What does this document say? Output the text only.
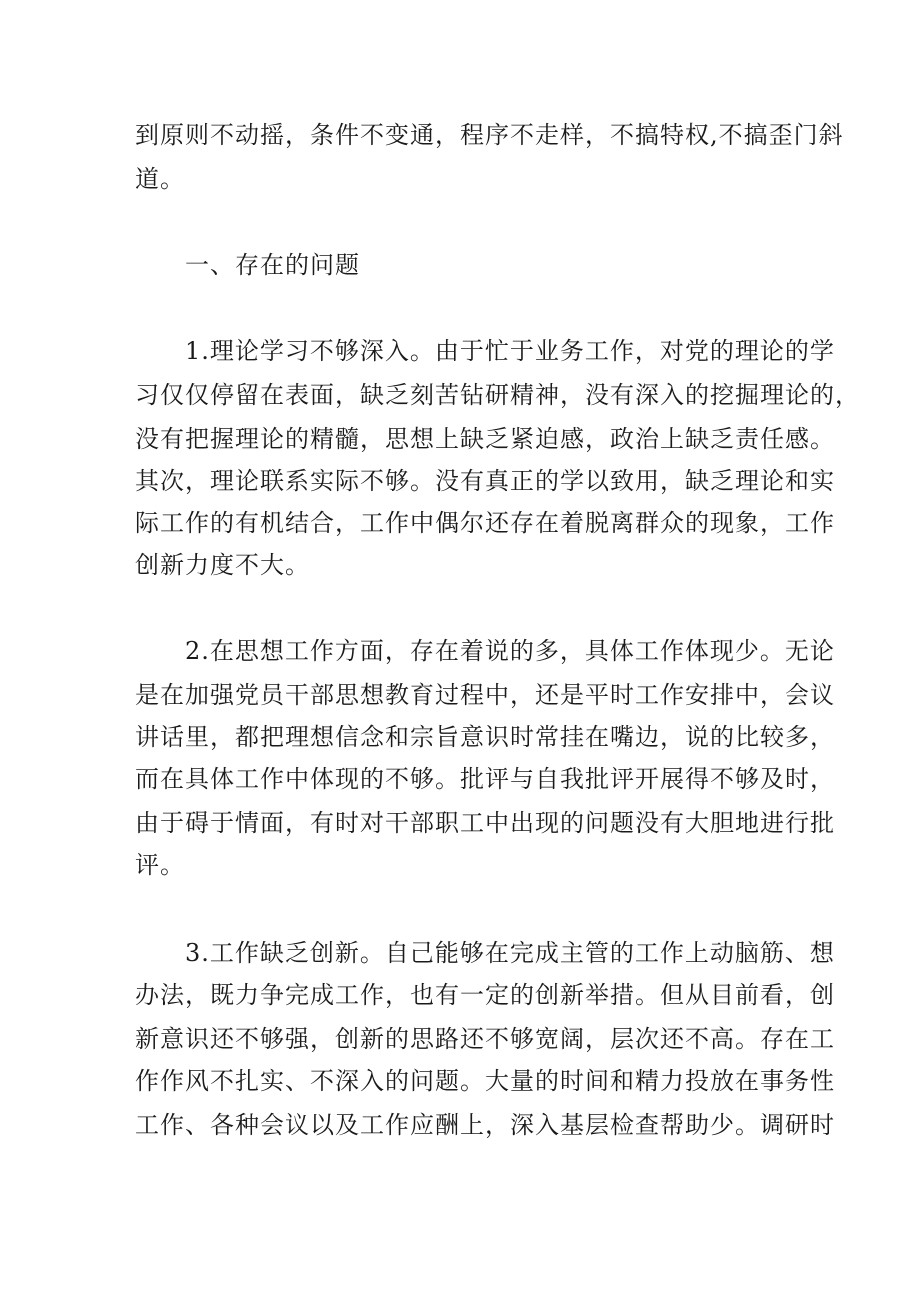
到原则不动摇，条件不变通，程序不走样，不搞特权,不搞歪门斜
道。
一、存在的问题
1.理论学习不够深入。由于忙于业务工作，对党的理论的学
习仅仅停留在表面，缺乏刻苦钻研精神，没有深入的挖掘理论的，
没有把握理论的精髓，思想上缺乏紧迫感，政治上缺乏责任感。
其次，理论联系实际不够。没有真正的学以致用，缺乏理论和实
际工作的有机结合，工作中偶尔还存在着脱离群众的现象，工作
创新力度不大。
2.在思想工作方面，存在着说的多，具体工作体现少。无论
是在加强党员干部思想教育过程中，还是平时工作安排中，会议
讲话里，都把理想信念和宗旨意识时常挂在嘴边，说的比较多，
而在具体工作中体现的不够。批评与自我批评开展得不够及时，
由于碍于情面，有时对干部职工中出现的问题没有大胆地进行批
评。
3.工作缺乏创新。自己能够在完成主管的工作上动脑筋、想
办法，既力争完成工作，也有一定的创新举措。但从目前看，创
新意识还不够强，创新的思路还不够宽阔，层次还不高。存在工
作作风不扎实、不深入的问题。大量的时间和精力投放在事务性
工作、各种会议以及工作应酬上，深入基层检查帮助少。调研时
